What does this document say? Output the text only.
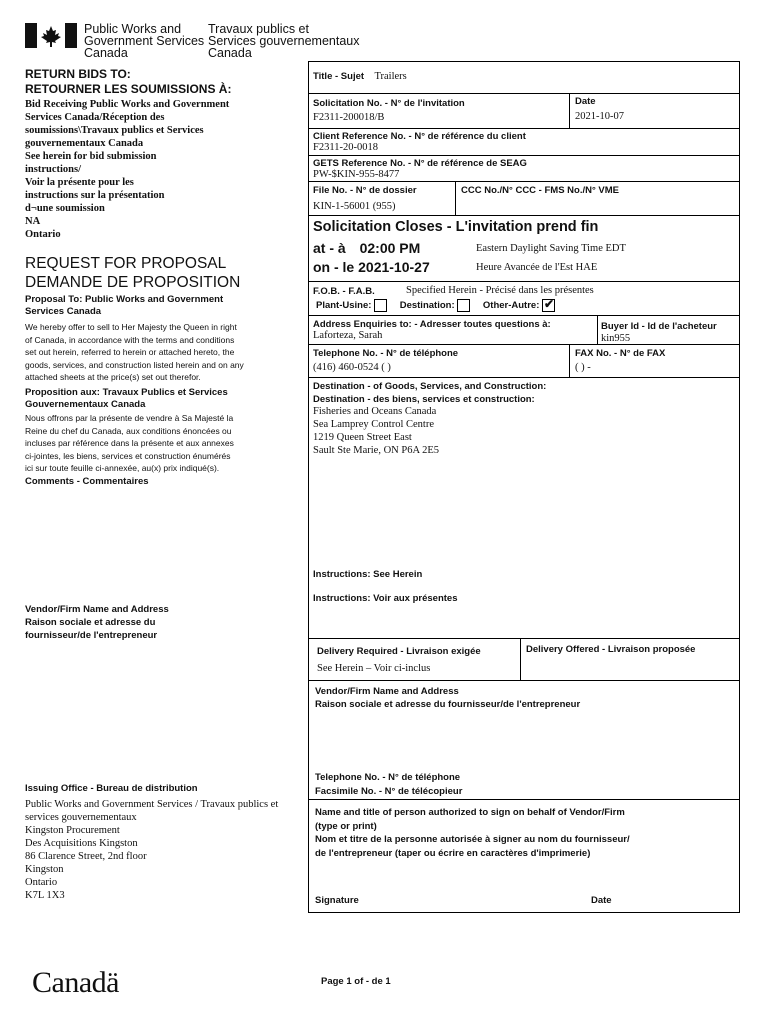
Public Works and
Government Services
Canada
Travaux publics et
Services gouvernementaux
Canada
RETURN BIDS TO:
RETOURNER LES SOUMISSIONS À:
Bid Receiving Public Works and Government
Services Canada/Réception des
soumissions\Travaux publics et Services
gouvernementaux Canada
See herein for bid submission
instructions/
Voir la présente pour les
instructions sur la présentation
d¬une soumission
NA
Ontario
REQUEST FOR PROPOSAL
DEMANDE DE PROPOSITION
Proposal To: Public Works and Government
Services Canada
We hereby offer to sell to Her Majesty the Queen in right
of Canada, in accordance with the terms and conditions
set out herein, referred to herein or attached hereto, the
goods, services, and construction listed herein and on any
attached sheets at the price(s) set out therefor.
Proposition aux: Travaux Publics et Services
Gouvernementaux Canada
Nous offrons par la présente de vendre à Sa Majesté la
Reine du chef du Canada, aux conditions énoncées ou
incluses par référence dans la présente et aux annexes
ci-jointes, les biens, services et construction énumérés
ici sur toute feuille ci-annexée, au(x) prix indiqué(s).
Comments - Commentaires
Vendor/Firm Name and Address
Raison sociale et adresse du
fournisseur/de l'entrepreneur
Issuing Office - Bureau de distribution
Public Works and Government Services / Travaux publics et
services gouvernementaux
Kingston Procurement
Des Acquisitions Kingston
86 Clarence Street, 2nd floor
Kingston
Ontario
K7L 1X3
Title - Sujet Trailers
Solicitation No. - N° de l'invitation
F2311-200018/B
Date
2021-10-07
Client Reference No. - N° de référence du client
F2311-20-0018
GETS Reference No. - N° de référence de SEAG
PW-$KIN-955-8477
File No. - N° de dossier
KIN-1-56001 (955)
CCC No./N° CCC - FMS No./N° VME
Solicitation Closes - L'invitation prend fin
at - à 02:00 PM
on - le 2021-10-27
Eastern Daylight Saving Time EDT
Heure Avancée de l'Est HAE
F.O.B. - F.A.B.	Specified Herein - Précisé dans les présentes
Plant-Usine:	Destination:	Other-Autre: ✔
Address Enquiries to: - Adresser toutes questions à:
Laforteza, Sarah
Buyer Id - Id de l'acheteur
kin955
Telephone No. - N° de téléphone
(416) 460-0524 ( )
FAX No. - N° de FAX
( ) -
Destination - of Goods, Services, and Construction:
Destination - des biens, services et construction:
Fisheries and Oceans Canada
Sea Lamprey Control Centre
1219 Queen Street East
Sault Ste Marie, ON P6A 2E5
Instructions: See Herein
Instructions: Voir aux présentes
Delivery Required - Livraison exigée
See Herein – Voir ci-inclus
Delivery Offered - Livraison proposée
Vendor/Firm Name and Address
Raison sociale et adresse du fournisseur/de l'entrepreneur
Telephone No. - N° de téléphone
Facsimile No. - N° de télécopieur
Name and title of person authorized to sign on behalf of Vendor/Firm
(type or print)
Nom et titre de la personne autorisée à signer au nom du fournisseur/
de l'entrepreneur (taper ou écrire en caractères d'imprimerie)
Signature	Date
Canadä	Page 1 of - de 1
